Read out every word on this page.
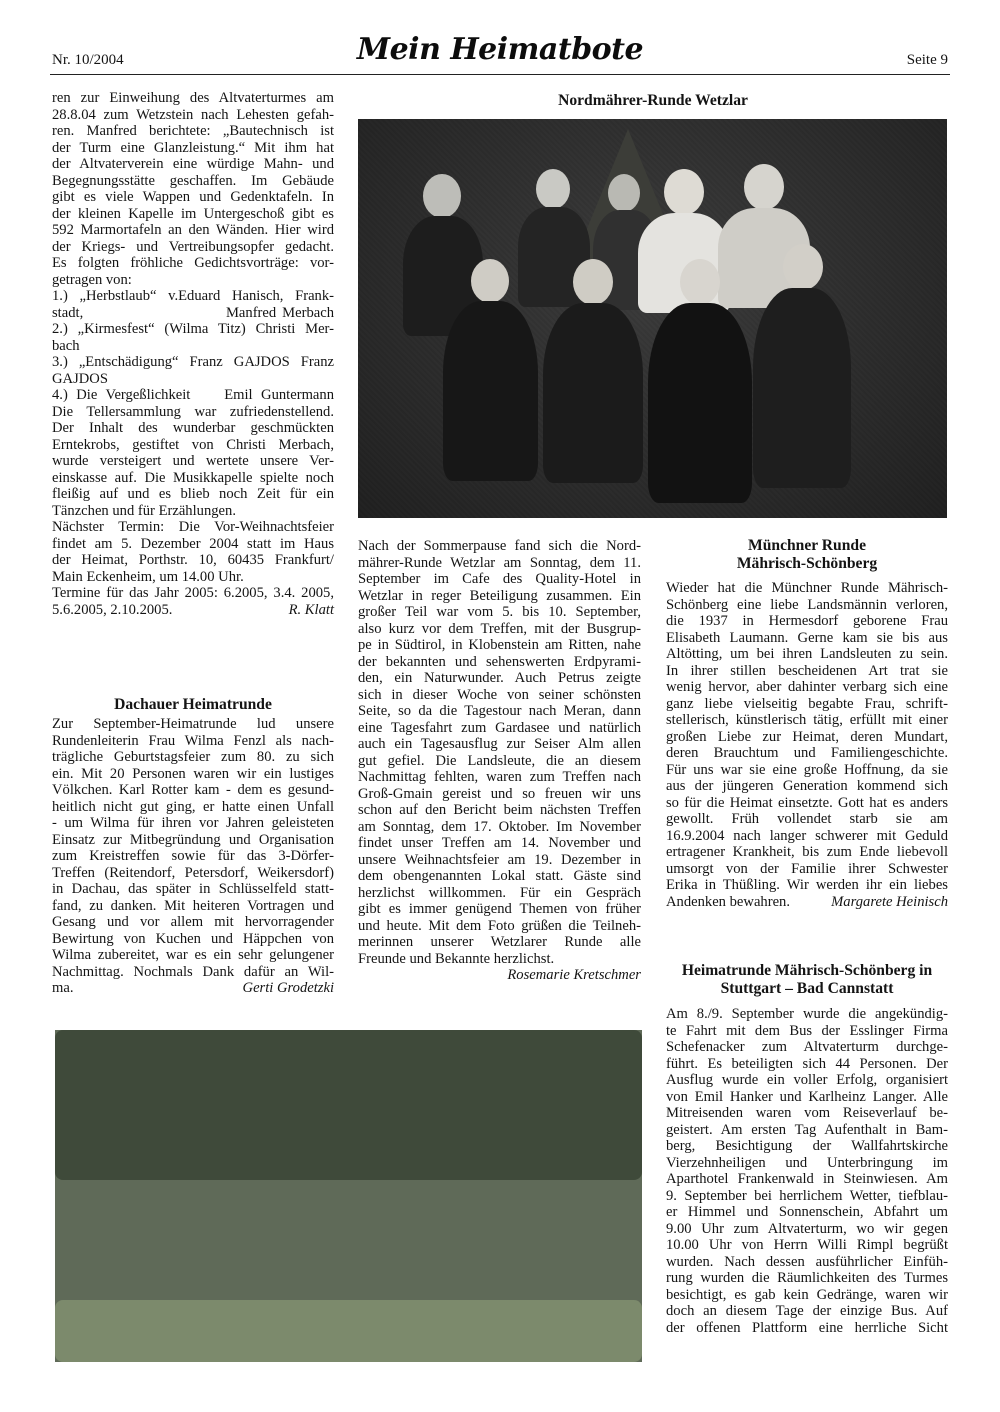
Nr. 10/2004	Mein Heimatbote	Seite 9
ren zur Einweihung des Altvaterturmes am
28.8.04 zum Wetzstein nach Lehesten gefah-
ren. Manfred berichtete: „Bautechnisch ist
der Turm eine Glanzleistung.“ Mit ihm hat
der Altvaterverein eine würdige Mahn- und
Begegnungsstätte geschaffen. Im Gebäude
gibt es viele Wappen und Gedenktafeln. In
der kleinen Kapelle im Untergeschoß gibt es
592 Marmortafeln an den Wänden. Hier wird
der Kriegs- und Vertreibungsopfer gedacht.
Es folgten fröhliche Gedichtsvorträge: vor-
getragen von:
1.) „Herbstlaub“ v.Eduard Hanisch, Frank-
stadt,                        Manfred Merbach
2.) „Kirmesfest“ (Wilma Titz) Christi Mer-
bach
3.) „Entschädigung“ Franz GAJDOS Franz
GAJDOS
4.) Die Vergeßlichkeit    Emil Guntermann
Die Tellersammlung war zufriedenstellend.
Der Inhalt des wunderbar geschmückten
Erntekrobs, gestiftet von Christi Merbach,
wurde versteigert und wertete unsere Ver-
einskasse auf. Die Musikkapelle spielte noch
fleißig auf und es blieb noch Zeit für ein
Tänzchen und für Erzählungen.
Nächster Termin: Die Vor-Weihnachtsfeier
findet am 5. Dezember 2004 statt im Haus
der Heimat, Porthstr. 10, 60435 Frankfurt/
Main Eckenheim, um 14.00 Uhr.
Termine für das Jahr 2005: 6.2005, 3.4. 2005,
5.6.2005, 2.10.2005.	R. Klatt
Dachauer Heimatrunde
Zur September-Heimatrunde lud unsere
Rundenleiterin Frau Wilma Fenzl als nach-
trägliche Geburtstagsfeier zum 80. zu sich
ein. Mit 20 Personen waren wir ein lustiges
Völkchen. Karl Rotter kam - dem es gesund-
heitlich nicht gut ging, er hatte einen Unfall
- um Wilma für ihren vor Jahren geleisteten
Einsatz zur Mitbegründung und Organisation
zum Kreistreffen sowie für das 3-Dörfer-
Treffen (Reitendorf, Petersdorf, Weikersdorf)
in Dachau, das später in Schlüsselfeld statt-
fand, zu danken. Mit heiteren Vortragen und
Gesang und vor allem mit hervorragender
Bewirtung von Kuchen und Häppchen von
Wilma zubereitet, war es ein sehr gelungener
Nachmittag. Nochmals Dank dafür an Wil-
ma.	Gerti Grodetzki
Nordmährer-Runde Wetzlar
Nach der Sommerpause fand sich die Nord-
mährer-Runde Wetzlar am Sonntag, dem 11.
September im Cafe des Quality-Hotel in
Wetzlar in reger Beteiligung zusammen. Ein
großer Teil war vom 5. bis 10. September,
also kurz vor dem Treffen, mit der Busgrup-
pe in Südtirol, in Klobenstein am Ritten, nahe
der bekannten und sehenswerten Erdpyrami-
den, ein Naturwunder. Auch Petrus zeigte
sich in dieser Woche von seiner schönsten
Seite, so da die Tagestour nach Meran, dann
eine Tagesfahrt zum Gardasee und natürlich
auch ein Tagesausflug zur Seiser Alm allen
gut gefiel. Die Landsleute, die an diesem
Nachmittag fehlten, waren zum Treffen nach
Groß-Gmain gereist und so freuen wir uns
schon auf den Bericht beim nächsten Treffen
am Sonntag, dem 17. Oktober. Im November
findet unser Treffen am 14. November und
unsere Weihnachtsfeier am 19. Dezember in
dem obengenannten Lokal statt. Gäste sind
herzlichst willkommen. Für ein Gespräch
gibt es immer genügend Themen von früher
und heute. Mit dem Foto grüßen die Teilneh-
merinnen unserer Wetzlarer Runde alle
Freunde und Bekannte herzlichst.
Rosemarie Kretschmer
Münchner Runde
Mährisch-Schönberg
Wieder hat die Münchner Runde Mährisch-
Schönberg eine liebe Landsmännin verloren,
die 1937 in Hermesdorf geborene Frau
Elisabeth Laumann. Gerne kam sie bis aus
Altötting, um bei ihren Landsleuten zu sein.
In ihrer stillen bescheidenen Art trat sie
wenig hervor, aber dahinter verbarg sich eine
ganz liebe vielseitig begabte Frau, schrift-
stellerisch, künstlerisch tätig, erfüllt mit einer
großen Liebe zur Heimat, deren Mundart,
deren Brauchtum und Familiengeschichte.
Für uns war sie eine große Hoffnung, da sie
aus der jüngeren Generation kommend sich
so für die Heimat einsetzte. Gott hat es anders
gewollt. Früh vollendet starb sie am
16.9.2004 nach langer schwerer mit Geduld
ertragener Krankheit, bis zum Ende liebevoll
umsorgt von der Familie ihrer Schwester
Erika in Thüßling. Wir werden ihr ein liebes
Andenken bewahren.	Margarete Heinisch
Heimatrunde Mährisch-Schönberg in
Stuttgart – Bad Cannstatt
Am 8./9. September wurde die angekündig-
te Fahrt mit dem Bus der Esslinger Firma
Schefenacker zum Altvaterturm durchge-
führt. Es beteiligten sich 44 Personen. Der
Ausflug wurde ein voller Erfolg, organisiert
von Emil Hanker und Karlheinz Langer. Alle
Mitreisenden waren vom Reiseverlauf be-
geistert. Am ersten Tag Aufenthalt in Bam-
berg, Besichtigung der Wallfahrtskirche
Vierzehnheiligen und Unterbringung im
Aparthotel Frankenwald in Steinwiesen. Am
9. September bei herrlichem Wetter, tiefblau-
er Himmel und Sonnenschein, Abfahrt um
9.00 Uhr zum Altvaterturm, wo wir gegen
10.00 Uhr von Herrn Willi Rimpl begrüßt
wurden. Nach dessen ausführlicher Einfüh-
rung wurden die Räumlichkeiten des Turmes
besichtigt, es gab kein Gedränge, waren wir
doch an diesem Tage der einzige Bus. Auf
der offenen Plattform eine herrliche Sicht
